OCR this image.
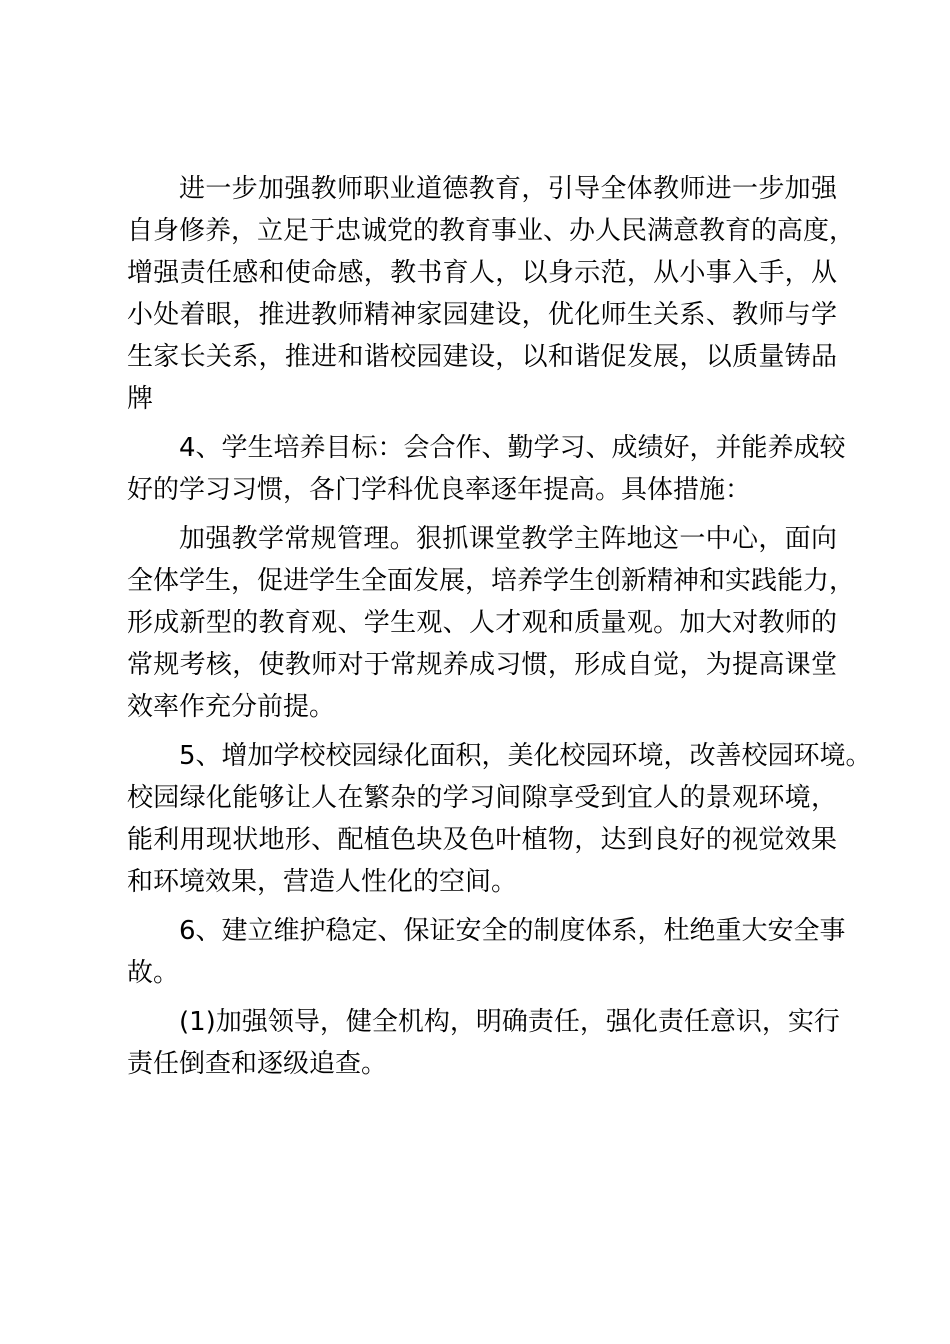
进一步加强教师职业道德教育，引导全体教师进一步加强
自身修养，立足于忠诚党的教育事业、办人民满意教育的高度，
增强责任感和使命感，教书育人，以身示范，从小事入手，从
小处着眼，推进教师精神家园建设，优化师生关系、教师与学
生家长关系，推进和谐校园建设，以和谐促发展，以质量铸品
牌
4、学生培养目标：会合作、勤学习、成绩好，并能养成较
好的学习习惯，各门学科优良率逐年提高。具体措施：
加强教学常规管理。狠抓课堂教学主阵地这一中心，面向
全体学生，促进学生全面发展，培养学生创新精神和实践能力，
形成新型的教育观、学生观、人才观和质量观。加大对教师的
常规考核，使教师对于常规养成习惯，形成自觉，为提高课堂
效率作充分前提。
5、增加学校校园绿化面积，美化校园环境，改善校园环境。
校园绿化能够让人在繁杂的学习间隙享受到宜人的景观环境，
能利用现状地形、配植色块及色叶植物，达到良好的视觉效果
和环境效果，营造人性化的空间。
6、建立维护稳定、保证安全的制度体系，杜绝重大安全事
故。
(1)加强领导，健全机构，明确责任，强化责任意识，实行
责任倒查和逐级追查。
